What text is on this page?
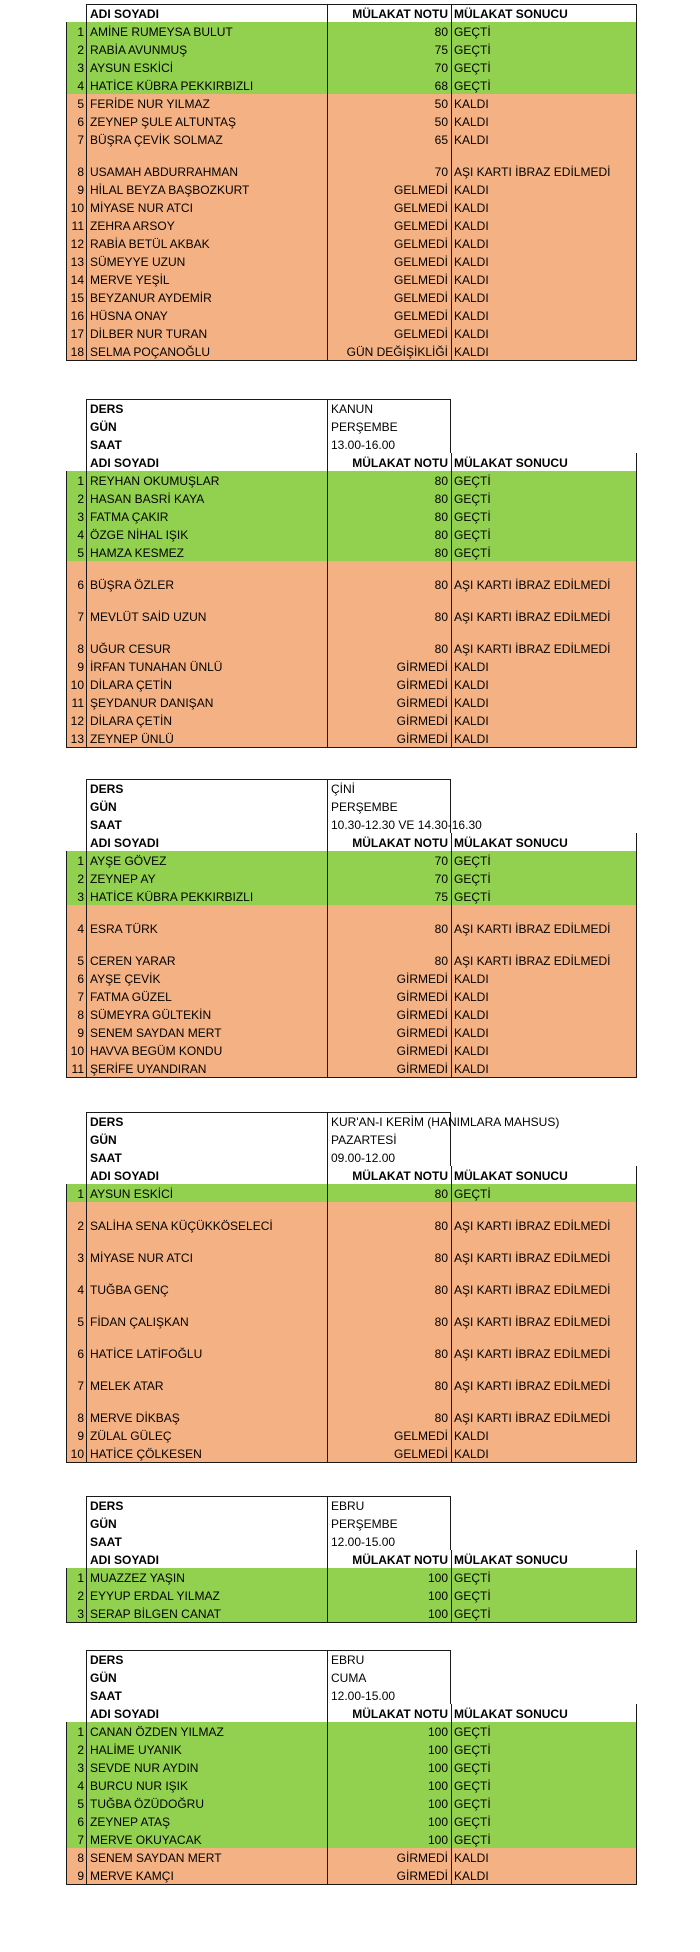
ADI SOYADI	MÜLAKAT NOTU MÜLAKAT SONUCU
1 AMİNE RUMEYSA BULUT	80 GEÇTİ
2 RABİA AVUNMUŞ	75 GEÇTİ
3 AYSUN ESKİCİ	70 GEÇTİ
4 HATİCE KÜBRA PEKKIRBIZLI	68 GEÇTİ
5 FERİDE NUR YILMAZ	50 KALDI
6 ZEYNEP ŞULE ALTUNTAŞ	50 KALDI
7 BÜŞRA ÇEVİK SOLMAZ	65 KALDI
8 USAMAH ABDURRAHMAN	70 AŞI KARTI İBRAZ EDİLMEDİ
9 HİLAL BEYZA BAŞBOZKURT	GELMEDİ KALDI
10 MİYASE NUR ATCI	GELMEDİ KALDI
11 ZEHRA ARSOY	GELMEDİ KALDI
12 RABİA BETÜL AKBAK	GELMEDİ KALDI
13 SÜMEYYE UZUN	GELMEDİ KALDI
14 MERVE YEŞİL	GELMEDİ KALDI
15 BEYZANUR AYDEMİR	GELMEDİ KALDI
16 HÜSNA ONAY	GELMEDİ KALDI
17 DİLBER NUR TURAN	GELMEDİ KALDI
18 SELMA POÇANOĞLU	GÜN DEĞİŞİKLİĞİ KALDI
DERS	KANUN
GÜN	PERŞEMBE
SAAT	13.00-16.00
ADI SOYADI	MÜLAKAT NOTU MÜLAKAT SONUCU
1 REYHAN OKUMUŞLAR	80 GEÇTİ
2 HASAN BASRİ KAYA	80 GEÇTİ
3 FATMA ÇAKIR	80 GEÇTİ
4 ÖZGE NİHAL IŞIK	80 GEÇTİ
5 HAMZA KESMEZ	80 GEÇTİ
6 BÜŞRA ÖZLER	80 AŞI KARTI İBRAZ EDİLMEDİ
7 MEVLÜT SAİD UZUN	80 AŞI KARTI İBRAZ EDİLMEDİ
8 UĞUR CESUR	80 AŞI KARTI İBRAZ EDİLMEDİ
9 İRFAN TUNAHAN ÜNLÜ	GİRMEDİ KALDI
10 DİLARA ÇETİN	GİRMEDİ KALDI
11 ŞEYDANUR DANIŞAN	GİRMEDİ KALDI
12 DİLARA ÇETİN	GİRMEDİ KALDI
13 ZEYNEP ÜNLÜ	GİRMEDİ KALDI
DERS	ÇİNİ
GÜN	PERŞEMBE
SAAT	10.30-12.30 VE 14.30-16.30
ADI SOYADI	MÜLAKAT NOTU MÜLAKAT SONUCU
1 AYŞE GÖVEZ	70 GEÇTİ
2 ZEYNEP AY	70 GEÇTİ
3 HATİCE KÜBRA PEKKIRBIZLI	75 GEÇTİ
4 ESRA TÜRK	80 AŞI KARTI İBRAZ EDİLMEDİ
5 CEREN YARAR	80 AŞI KARTI İBRAZ EDİLMEDİ
6 AYŞE ÇEVİK	GİRMEDİ KALDI
7 FATMA GÜZEL	GİRMEDİ KALDI
8 SÜMEYRA GÜLTEKİN	GİRMEDİ KALDI
9 SENEM SAYDAN MERT	GİRMEDİ KALDI
10 HAVVA BEGÜM KONDU	GİRMEDİ KALDI
11 ŞERİFE UYANDIRAN	GİRMEDİ KALDI
DERS	KUR'AN-I KERİM (HANIMLARA MAHSUS)
GÜN	PAZARTESİ
SAAT	09.00-12.00
ADI SOYADI	MÜLAKAT NOTU MÜLAKAT SONUCU
1 AYSUN ESKİCİ	80 GEÇTİ
2 SALİHA SENA KÜÇÜKKÖSELECİ	80 AŞI KARTI İBRAZ EDİLMEDİ
3 MİYASE NUR ATCI	80 AŞI KARTI İBRAZ EDİLMEDİ
4 TUĞBA GENÇ	80 AŞI KARTI İBRAZ EDİLMEDİ
5 FİDAN ÇALIŞKAN	80 AŞI KARTI İBRAZ EDİLMEDİ
6 HATİCE LATİFOĞLU	80 AŞI KARTI İBRAZ EDİLMEDİ
7 MELEK ATAR	80 AŞI KARTI İBRAZ EDİLMEDİ
8 MERVE DİKBAŞ	80 AŞI KARTI İBRAZ EDİLMEDİ
9 ZÜLAL GÜLEÇ	GELMEDİ KALDI
10 HATİCE ÇÖLKESEN	GELMEDİ KALDI
DERS	EBRU
GÜN	PERŞEMBE
SAAT	12.00-15.00
ADI SOYADI	MÜLAKAT NOTU MÜLAKAT SONUCU
1 MUAZZEZ YAŞIN	100 GEÇTİ
2 EYYUP ERDAL YILMAZ	100 GEÇTİ
3 SERAP BİLGEN CANAT	100 GEÇTİ
DERS	EBRU
GÜN	CUMA
SAAT	12.00-15.00
ADI SOYADI	MÜLAKAT NOTU MÜLAKAT SONUCU
1 CANAN ÖZDEN YILMAZ	100 GEÇTİ
2 HALİME UYANIK	100 GEÇTİ
3 SEVDE NUR AYDIN	100 GEÇTİ
4 BURCU NUR IŞIK	100 GEÇTİ
5 TUĞBA ÖZÜDOĞRU	100 GEÇTİ
6 ZEYNEP ATAŞ	100 GEÇTİ
7 MERVE OKUYACAK	100 GEÇTİ
8 SENEM SAYDAN MERT	GİRMEDİ KALDI
9 MERVE KAMÇI	GİRMEDİ KALDI
